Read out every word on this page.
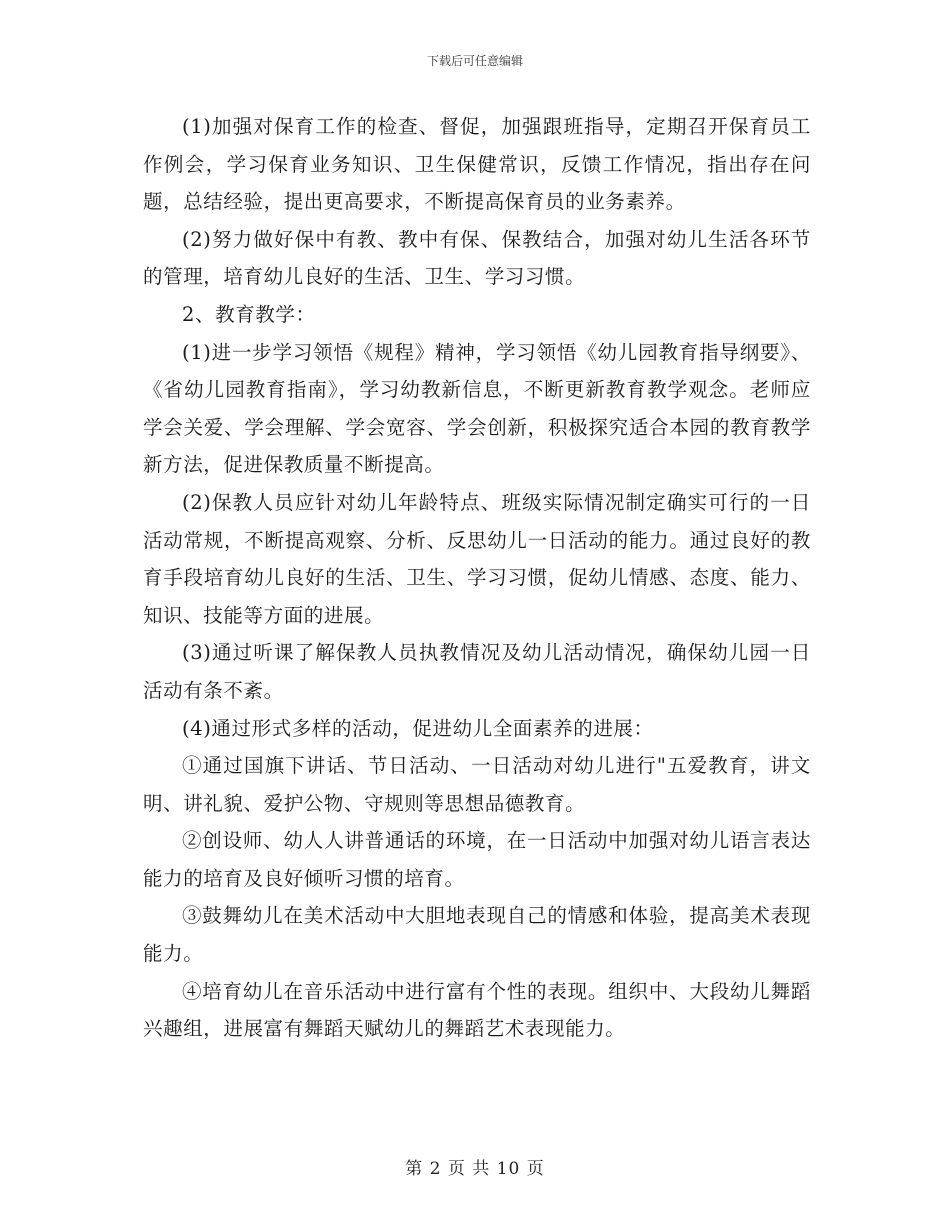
下载后可任意编辑

(1)加强对保育工作的检查、督促，加强跟班指导，定期召开保育员工作例会，学习保育业务知识、卫生保健常识，反馈工作情况，指出存在问题，总结经验，提出更高要求，不断提高保育员的业务素养。

(2)努力做好保中有教、教中有保、保教结合，加强对幼儿生活各环节的管理，培育幼儿良好的生活、卫生、学习习惯。

2、教育教学：

(1)进一步学习领悟《规程》精神，学习领悟《幼儿园教育指导纲要》、《省幼儿园教育指南》，学习幼教新信息，不断更新教育教学观念。老师应学会关爱、学会理解、学会宽容、学会创新，积极探究适合本园的教育教学新方法，促进保教质量不断提高。

(2)保教人员应针对幼儿年龄特点、班级实际情况制定确实可行的一日活动常规，不断提高观察、分析、反思幼儿一日活动的能力。通过良好的教育手段培育幼儿良好的生活、卫生、学习习惯，促幼儿情感、态度、能力、知识、技能等方面的进展。

(3)通过听课了解保教人员执教情况及幼儿活动情况，确保幼儿园一日活动有条不紊。

(4)通过形式多样的活动，促进幼儿全面素养的进展：

①通过国旗下讲话、节日活动、一日活动对幼儿进行"五爱教育，讲文明、讲礼貌、爱护公物、守规则等思想品德教育。

②创设师、幼人人讲普通话的环境，在一日活动中加强对幼儿语言表达能力的培育及良好倾听习惯的培育。

③鼓舞幼儿在美术活动中大胆地表现自己的情感和体验，提高美术表现能力。

④培育幼儿在音乐活动中进行富有个性的表现。组织中、大段幼儿舞蹈兴趣组，进展富有舞蹈天赋幼儿的舞蹈艺术表现能力。

第 2 页 共 10 页
